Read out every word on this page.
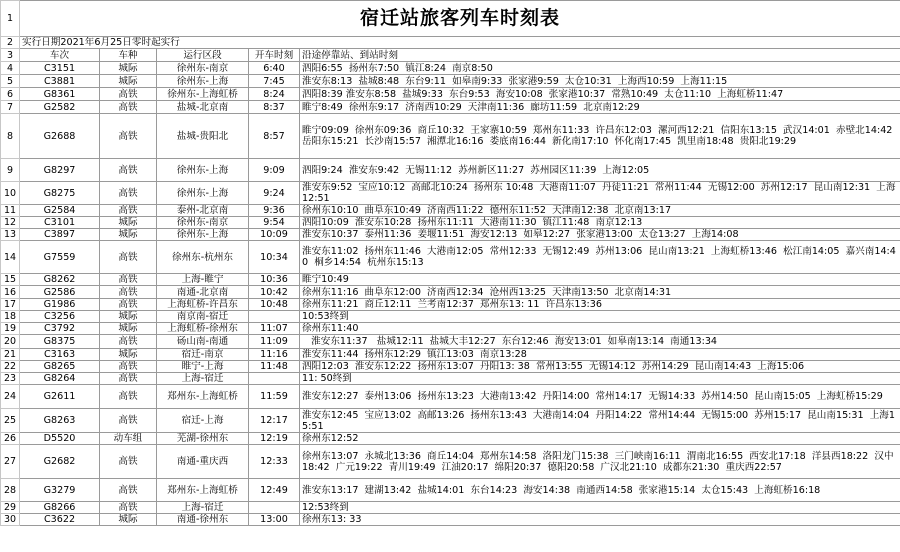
1	宿迁站旅客列车时刻表				
2	实行日期2021年6月25日零时起实行				
3	车次	车种	运行区段	开车时刻	沿途停靠站、到站时刻
4	C3151	城际	徐州东-南京	6:40	泗阳6:55  扬州东7:50  镇江8:24  南京8:50
5	C3881	城际	徐州东-上海	7:45	淮安东8:13  盐城8:48  东台9:11  如皋南9:33  张家港9:59  太仓10:31  上海西10:59  上海11:15
6	G8361	高铁	徐州东-上海虹桥	8:24	泗阳8:39 淮安东8:58  盐城9:33  东台9:53  海安10:08  张家港10:37  常熟10:49  太仓11:10  上海虹桥11:47
7	G2582	高铁	盐城-北京南	8:37	睢宁8:49  徐州东9:17  济南西10:29  天津南11:36  廊坊11:59  北京南12:29
8	G2688	高铁	盐城-贵阳北	8:57	睢宁09:09  徐州东09:36  商丘10:32  王家寨10:59  郑州东11:33  许昌东12:03  漯河西12:21  信阳东13:15  武汉14:01  赤壁北14:42  岳阳东15:21  长沙南15:57  湘潭北16:16  娄底南16:44  新化南17:10  怀化南17:45  凯里南18:48  贵阳北19:29
9	G8297	高铁	徐州东-上海	9:09	泗阳9:24  淮安东9:42  无锡11:12  苏州新区11:27  苏州园区11:39  上海12:05
10	G8275	高铁	徐州东-上海	9:24	淮安东9:52  宝应10:12  高邮北10:24  扬州东 10:48  大港南11:07  丹徒11:21  常州11:44  无锡12:00  苏州12:17  昆山南12:31  上海12:51
11	G2584	高铁	泰州-北京南	9:36	徐州东10:10  曲阜东10:49  济南西11:22  德州东11:52  天津南12:38  北京南13:17
12	C3101	城际	徐州东-南京	9:54	泗阳10:09  淮安东10:28  扬州东11:11  大港南11:30  镇江11:48  南京12:13
13	C3897	城际	徐州东-上海	10:09	淮安东10:37  泰州11:36  姜堰11:51  海安12:13  如皋12:27  张家港13:00  太仓13:27  上海14:08
14	G7559	高铁	徐州东-杭州东	10:34	淮安东11:02  扬州东11:46  大港南12:05  常州12:33  无锡12:49  苏州13:06  昆山南13:21  上海虹桥13:46  松江南14:05  嘉兴南14:40  桐乡14:54  杭州东15:13
15	G8262	高铁	上海-睢宁	10:36	睢宁10:49
16	G2586	高铁	南通-北京南	10:42	徐州东11:16  曲阜东12:00  济南西12:34  沧州西13:25  天津南13:50  北京南14:31
17	G1986	高铁	上海虹桥-许昌东	10:48	徐州东11:21  商丘12:11  兰考南12:37  郑州东13: 11  许昌东13:36
18	C3256	城际	南京南-宿迁		10:53终到
19	C3792	城际	上海虹桥-徐州东	11:07	徐州东11:40
20	G8375	高铁	砀山南-南通	11:09	淮安东11:37   盐城12:11  盐城大丰12:27  东台12:46  海安13:01  如皋南13:14  南通13:34
21	C3163	城际	宿迁-南京	11:16	淮安东11:44  扬州东12:29  镇江13:03  南京13:28
22	G8265	高铁	睢宁-上海	11:48	泗阳12:03  淮安东12:22  扬州东13:07  丹阳13: 38  常州13:55  无锡14:12  苏州14:29  昆山南14:43  上海15:06
23	G8264	高铁	上海-宿迁		11: 50终到
24	G2611	高铁	郑州东-上海虹桥	11:59	淮安东12:27  泰州13:06  扬州东13:23  大港南13:42  丹阳14:00  常州14:17  无锡14:33  苏州14:50  昆山南15:05  上海虹桥15:29
25	G8263	高铁	宿迁-上海	12:17	淮安东12:45  宝应13:02  高邮13:26  扬州东13:43  大港南14:04  丹阳14:22  常州14:44  无锡15:00  苏州15:17  昆山南15:31  上海15:51
26	D5520	动车组	芜湖-徐州东	12:19	徐州东12:52
27	G2682	高铁	南通-重庆西	12:33	徐州东13:07  永城北13:36  商丘14:04  郑州东14:58  洛阳龙门15:38  三门峡南16:11  渭南北16:55  西安北17:18  洋县西18:22  汉中18:42  广元19:22  青川19:49  江油20:17  绵阳20:37  德阳20:58  广汉北21:10  成都东21:30  重庆西22:57
28	G3279	高铁	郑州东-上海虹桥	12:49	淮安东13:17  建湖13:42  盐城14:01  东台14:23  海安14:38  南通西14:58  张家港15:14  太仓15:43  上海虹桥16:18
29	G8266	高铁	上海-宿迁		12:53终到
30	C3622	城际	南通-徐州东	13:00	徐州东13: 33
